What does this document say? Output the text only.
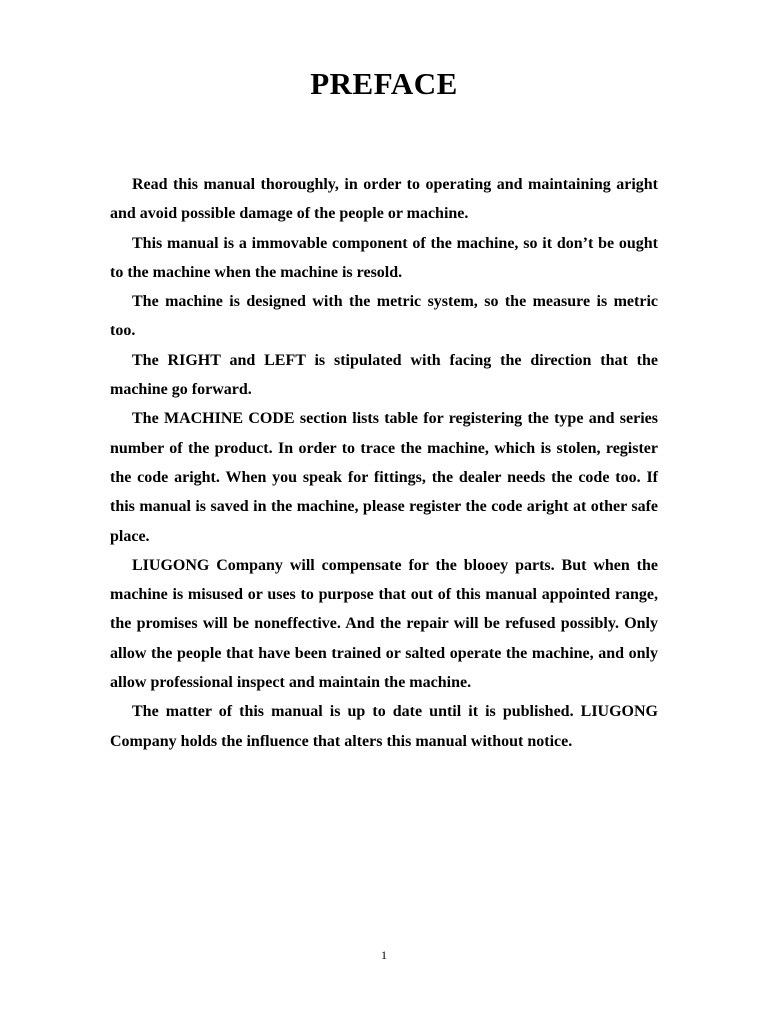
PREFACE

Read this manual thoroughly, in order to operating and maintaining aright and avoid possible damage of the people or machine.

This manual is a immovable component of the machine, so it don’t be ought to the machine when the machine is resold.

The machine is designed with the metric system, so the measure is metric too.

The RIGHT and LEFT is stipulated with facing the direction that the machine go forward.

The MACHINE CODE section lists table for registering the type and series number of the product. In order to trace the machine, which is stolen, register the code aright. When you speak for fittings, the dealer needs the code too. If this manual is saved in the machine, please register the code aright at other safe place.

LIUGONG Company will compensate for the blooey parts. But when the machine is misused or uses to purpose that out of this manual appointed range, the promises will be noneffective. And the repair will be refused possibly. Only allow the people that have been trained or salted operate the machine, and only allow professional inspect and maintain the machine.

The matter of this manual is up to date until it is published. LIUGONG Company holds the influence that alters this manual without notice.

1
